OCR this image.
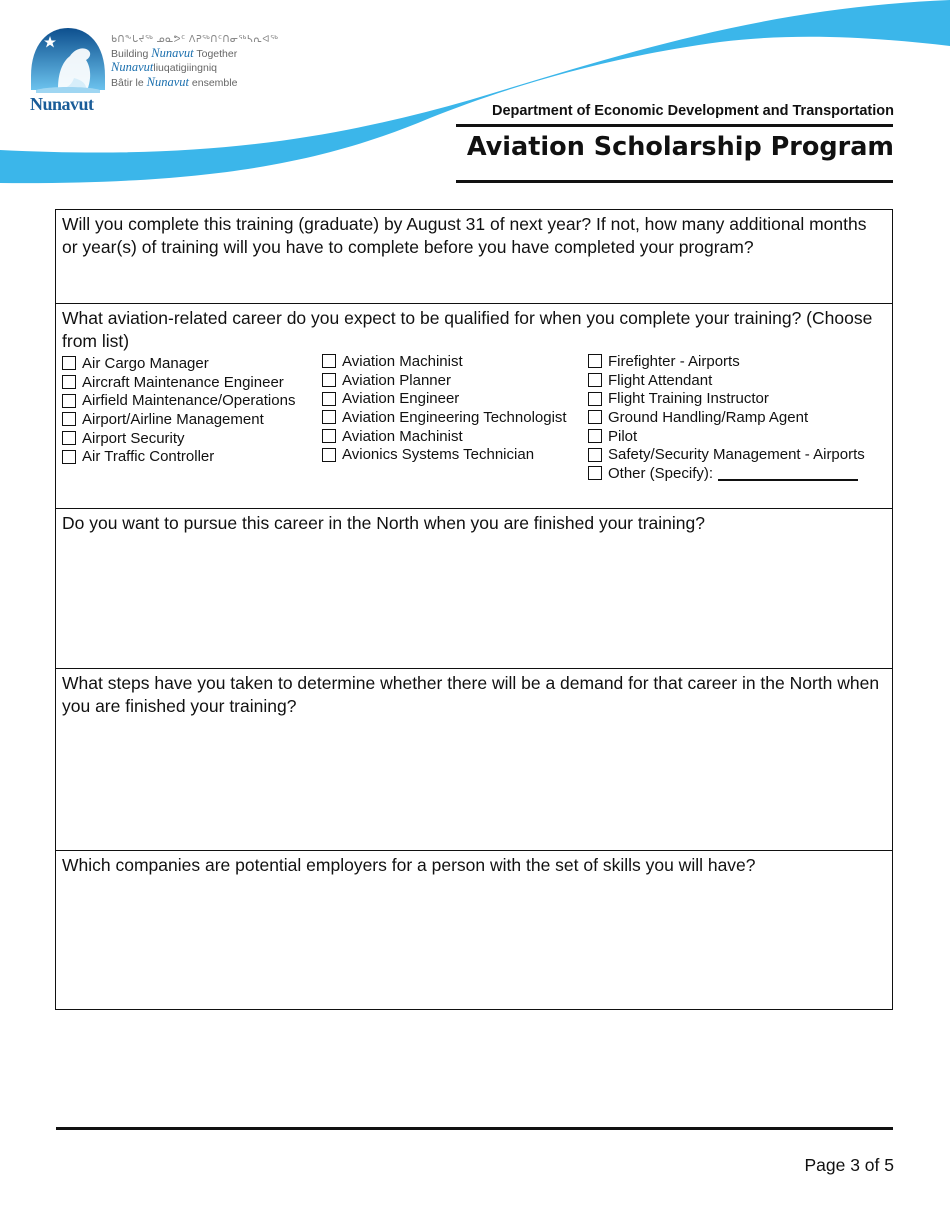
Nunavut
ᑲᑎᖕᒐᔪᖅ ᓄᓇᕗᑦ ᐱᕈᖅᑎᑦᑎᓂᖅᓴᕆᐊᖅ
Building Nunavut Together
Nunavutliuqatigiingniq
Bâtir le Nunavut ensemble
Department of Economic Development and Transportation
Aviation Scholarship Program
Will you complete this training (graduate) by August 31 of next year? If not, how many additional months or year(s) of training will you have to complete before you have completed your program?
What aviation-related career do you expect to be qualified for when you complete your training? (Choose from list)
Air Cargo Manager
Aircraft Maintenance Engineer
Airfield Maintenance/Operations
Airport/Airline Management
Airport Security
Air Traffic Controller
Aviation Machinist
Aviation Planner
Aviation Engineer
Aviation Engineering Technologist
Aviation Machinist
Avionics Systems Technician
Firefighter - Airports
Flight Attendant
Flight Training Instructor
Ground Handling/Ramp Agent
Pilot
Safety/Security Management - Airports
Other (Specify):
Do you want to pursue this career in the North when you are finished your training?
What steps have you taken to determine whether there will be a demand for that career in the North when you are finished your training?
Which companies are potential employers for a person with the set of skills you will have?
Page 3 of 5
